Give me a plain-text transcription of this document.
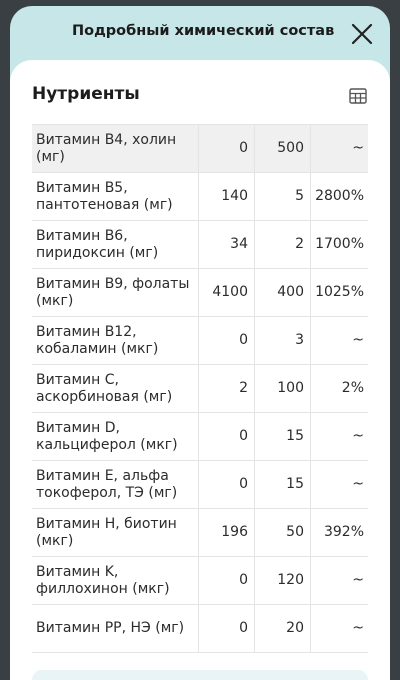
Подробный химический состав
Нутриенты
Витамин B4, холин (мг)
0	500	~
Витамин B5, пантотеновая (мг)
140	5 2800%
Витамин B6, пиридоксин (мг)
34	2 1700%
Витамин B9, фолаты (мкг)
4100	400 1025%
Витамин B12, кобаламин (мкг)
0	3	~
Витамин C, аскорбиновая (мг)
2	100	2%
Витамин D, кальциферол (мкг)
0	15	~
Витамин E, альфа токоферол, ТЭ (мг)
0	15	~
Витамин H, биотин (мкг)
196	50	392%
Витамин K, филлохинон (мкг)
0	120	~
Витамин PP, НЭ (мг)	0	20	~
